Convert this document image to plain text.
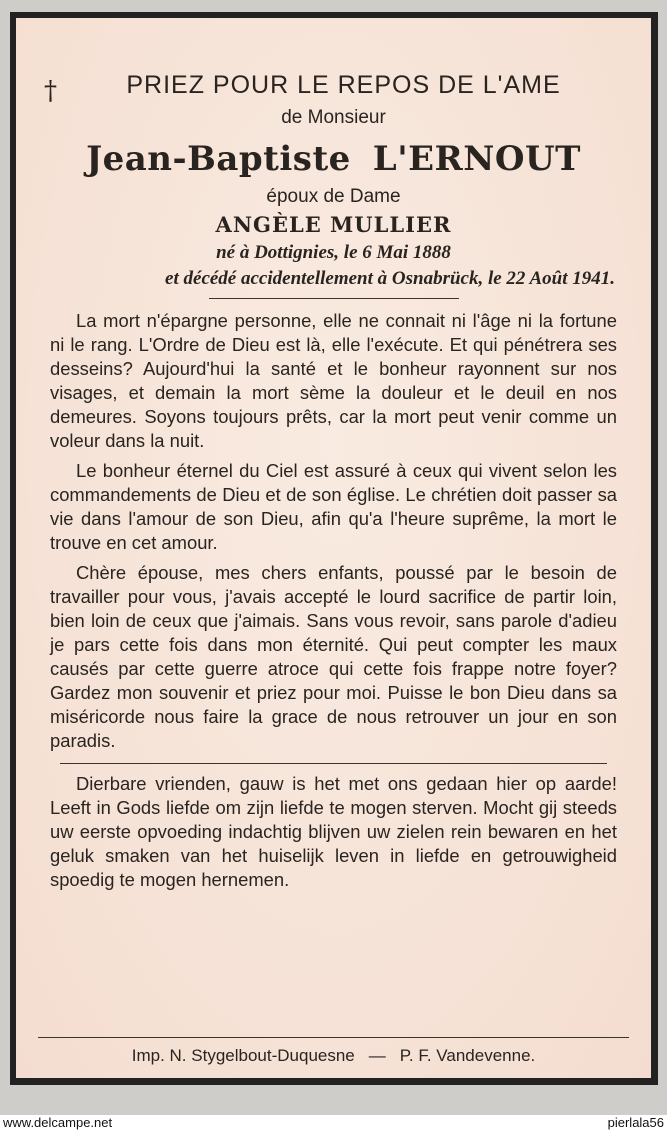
†	PRIEZ POUR LE REPOS DE L'AME
de Monsieur
Jean-Baptiste L'ERNOUT
époux de Dame
ANGÈLE MULLIER
né à Dottignies, le 6 Mai 1888
et décédé accidentellement à Osnabrück, le 22 Août 1941.

La mort n'épargne personne, elle ne connait ni l'âge ni la fortune ni le rang. L'Ordre de Dieu est là, elle l'exécute. Et qui pénétrera ses desseins? Aujourd'hui la santé et le bonheur rayonnent sur nos visages, et demain la mort sème la douleur et le deuil en nos demeures. Soyons toujours prêts, car la mort peut venir comme un voleur dans la nuit.

Le bonheur éternel du Ciel est assuré à ceux qui vivent selon les commandements de Dieu et de son église. Le chrétien doit passer sa vie dans l'amour de son Dieu, afin qu'a l'heure suprême, la mort le trouve en cet amour.

Chère épouse, mes chers enfants, poussé par le besoin de travailler pour vous, j'avais accepté le lourd sacrifice de partir loin, bien loin de ceux que j'aimais. Sans vous revoir, sans parole d'adieu je pars cette fois dans mon éternité. Qui peut compter les maux causés par cette guerre atroce qui cette fois frappe notre foyer? Gardez mon souvenir et priez pour moi. Puisse le bon Dieu dans sa miséricorde nous faire la grace de nous retrouver un jour en son paradis.

Dierbare vrienden, gauw is het met ons gedaan hier op aarde! Leeft in Gods liefde om zijn liefde te mogen sterven. Mocht gij steeds uw eerste opvoeding indachtig blijven uw zielen rein bewaren en het geluk smaken van het huiselijk leven in liefde en getrouwigheid spoedig te mogen hernemen.

Imp. N. Stygelbout-Duquesne — P. F. Vandevenne.
www.delcampe.net	pierlala56
